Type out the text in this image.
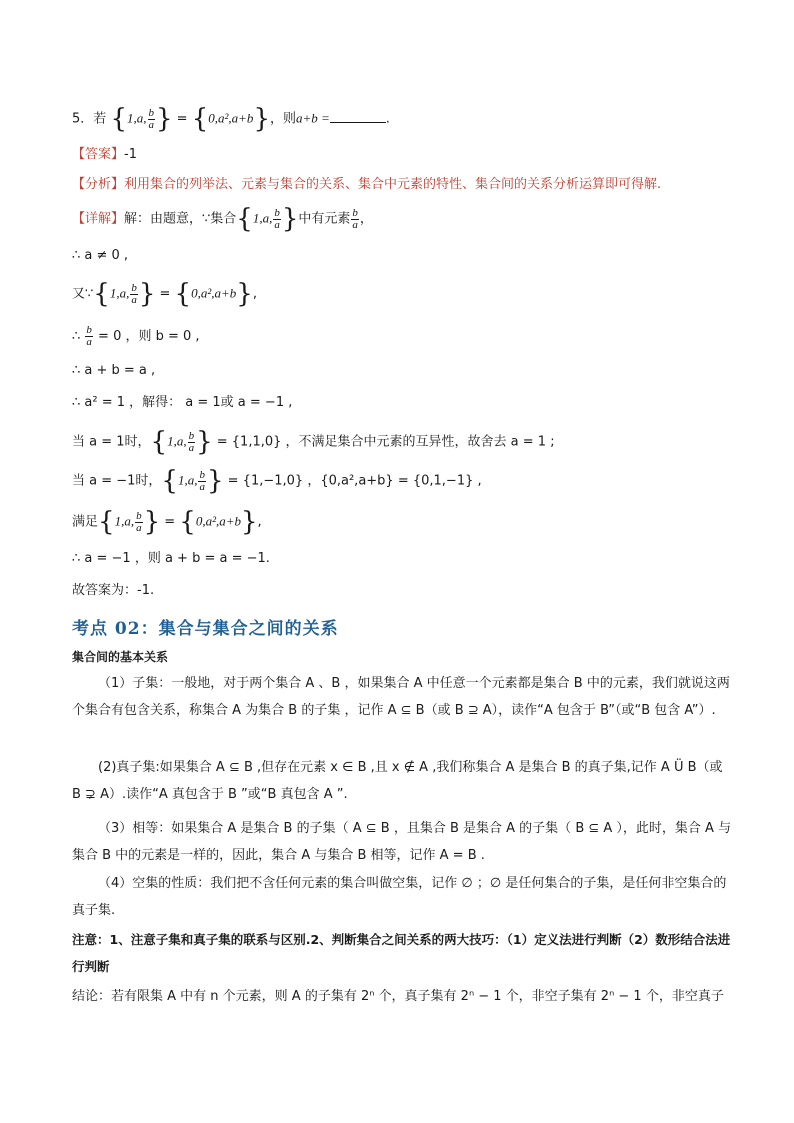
5．若 {1,a, $\frac{b}{a}$ } = {0,a²,a+b}，则a+b =	.
【答案】-1
【分析】利用集合的列举法、元素与集合的关系、集合中元素的特性、集合间的关系分析运算即可得解.
【详解】解：由题意，∵集合{1,a, $\frac{b}{a}$ }中有元素 $\frac{b}{a}$ ，
∴ a ≠ 0 ,
又∵{1,a, $\frac{b}{a}$ } = {0,a²,a+b},
∴ $\frac{b}{a} = 0$ ，则 b = 0 ,
∴ a + b = a ,
∴ a² = 1 ，解得： a = 1或 a = −1 ,
当 a = 1时，{1,a, $\frac{b}{a}$ } = {1,1,0} ，不满足集合中元素的互异性，故舍去 a = 1 ;
当 a = −1时，{1,a, $\frac{b}{a}$ } = {1,−1,0} ，{0,a²,a+b} = {0,1,−1} ,
满足{1,a, $\frac{b}{a}$ } = {0,a²,a+b},
∴ a = −1 ，则 a + b = a = −1.
故答案为：-1.
考点 02：集合与集合之间的关系
集合间的基本关系
（1）子集：一般地，对于两个集合 A 、B ，如果集合 A 中任意一个元素都是集合 B 中的元素，我们就说这两个集合有包含关系，称集合 A 为集合 B 的子集 ，记作 A ⊆ B（或 B ⊇ A），读作“A 包含于 B”（或“B 包含 A”）.
(2)真子集:如果集合 A ⊆ B ,但存在元素 x ∈ B ,且 x ∉ A ,我们称集合 A 是集合 B 的真子集,记作 A Ü B（或 B ⊋ A）.读作“A 真包含于 B ”或“B 真包含 A ”.
（3）相等：如果集合 A 是集合 B 的子集（ A ⊆ B ，且集合 B 是集合 A 的子集（ B ⊆ A ），此时，集合 A 与集合 B 中的元素是一样的，因此，集合 A 与集合 B 相等，记作 A = B .
（4）空集的性质：我们把不含任何元素的集合叫做空集，记作 ∅ ；∅ 是任何集合的子集，是任何非空集合的真子集.
注意：1、注意子集和真子集的联系与区别.2、判断集合之间关系的两大技巧：（1）定义法进行判断（2）数形结合法进行判断
结论：若有限集 A 中有 n 个元素，则 A 的子集有 2ⁿ 个，真子集有 2ⁿ − 1 个，非空子集有 2ⁿ − 1 个，非空真子
